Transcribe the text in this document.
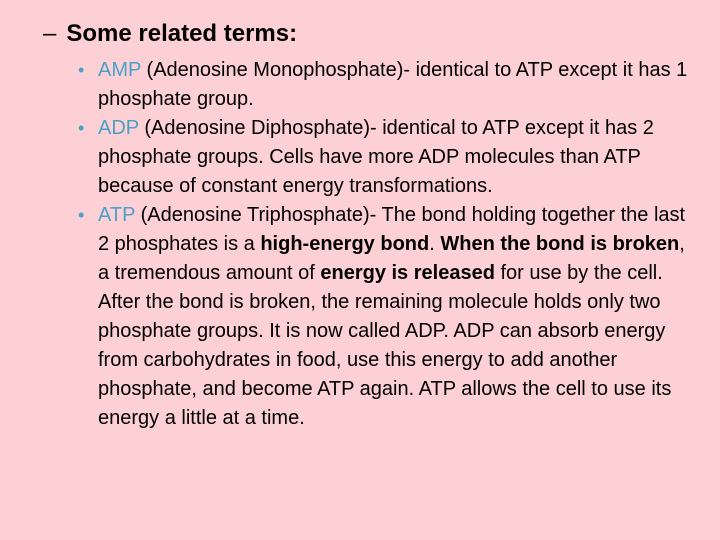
– Some related terms:
• AMP (Adenosine Monophosphate)- identical to ATP except it has 1 phosphate group.
• ADP (Adenosine Diphosphate)- identical to ATP except it has 2 phosphate groups. Cells have more ADP molecules than ATP because of constant energy transformations.
• ATP (Adenosine Triphosphate)- The bond holding together the last 2 phosphates is a high-energy bond. When the bond is broken, a tremendous amount of energy is released for use by the cell. After the bond is broken, the remaining molecule holds only two phosphate groups. It is now called ADP. ADP can absorb energy from carbohydrates in food, use this energy to add another phosphate, and become ATP again. ATP allows the cell to use its energy a little at a time.
